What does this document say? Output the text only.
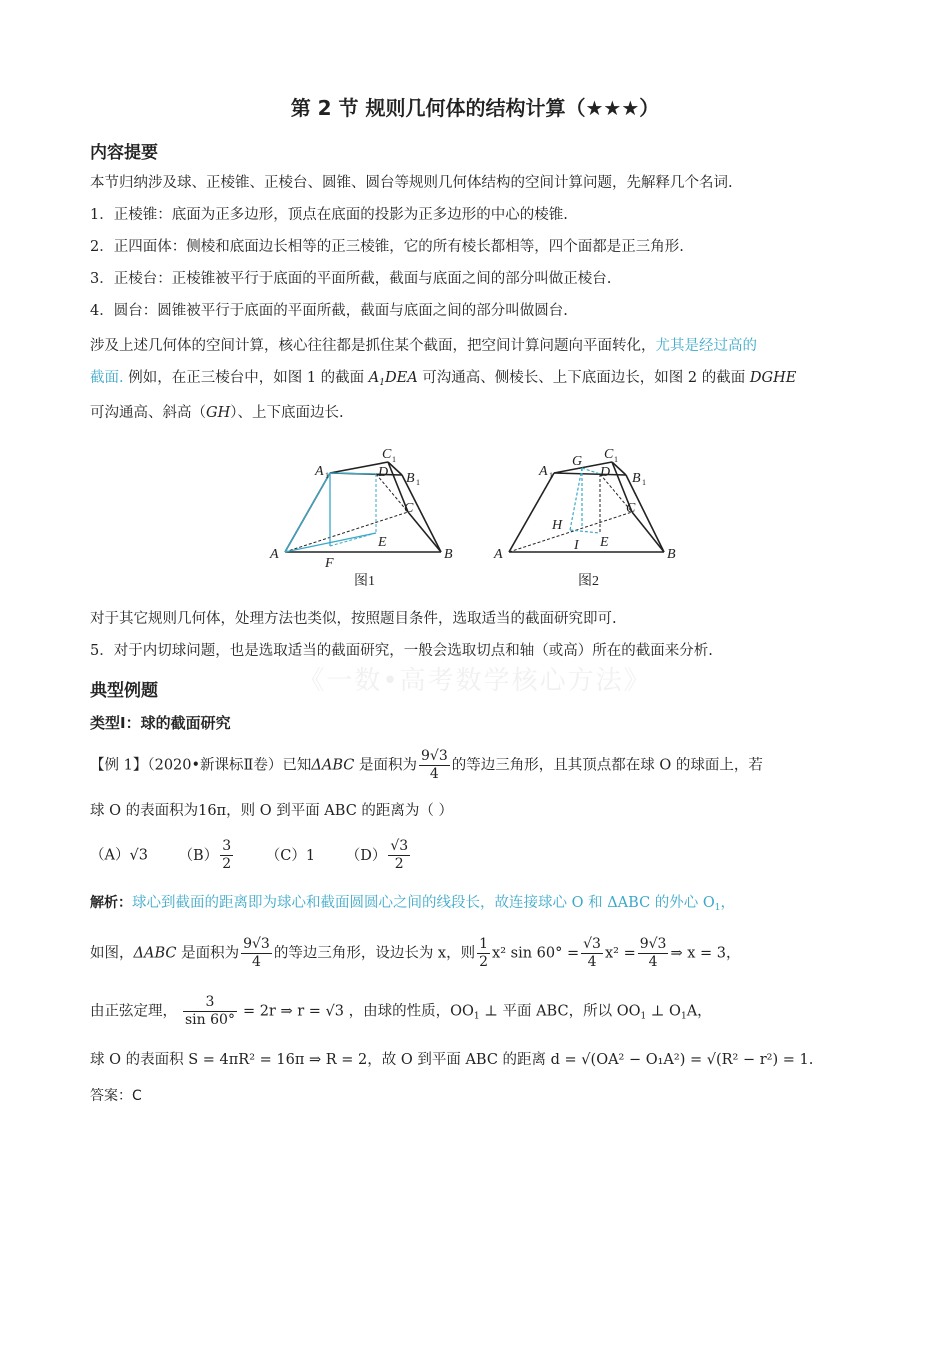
第 2 节 规则几何体的结构计算（★★★）
内容提要
本节归纳涉及球、正棱锥、正棱台、圆锥、圆台等规则几何体结构的空间计算问题，先解释几个名词.
1．正棱锥：底面为正多边形，顶点在底面的投影为正多边形的中心的棱锥.
2．正四面体：侧棱和底面边长相等的正三棱锥，它的所有棱长都相等，四个面都是正三角形.
3．正棱台：正棱锥被平行于底面的平面所截，截面与底面之间的部分叫做正棱台.
4．圆台：圆锥被平行于底面的平面所截，截面与底面之间的部分叫做圆台.
涉及上述几何体的空间计算，核心往往都是抓住某个截面，把空间计算问题向平面转化，尤其是经过高的
截面. 例如，在正三棱台中，如图 1 的截面 $A_1DEA$ 可沟通高、侧棱长、上下底面边长，如图 2 的截面 DGHE
可沟通高、斜高（GH）、上下底面边长.
A	B
C
D
E
F
A
C
B
1
1
1
图1
A	B
C
D
E
G
H
I
A
C
B
1
1
1
图2
对于其它规则几何体，处理方法也类似，按照题目条件，选取适当的截面研究即可.
5．对于内切球问题，也是选取适当的截面研究，一般会选取切点和轴（或高）所在的截面来分析.
《一数•高考数学核心方法》
典型例题
类型Ⅰ：球的截面研究
【例 1】（2020•新课标Ⅱ卷）已知ΔABC 是面积为 $\frac{9√3}{4}$ 的等边三角形，且其顶点都在球 O 的球面上，若
球 O 的表面积为16π，则 O 到平面 ABC 的距离为（ ）
（A）√3 $(B) \frac{3}{2} (C)1$ $(D) \frac{√3}{2}$
解析：球心到截面的距离即为球心和截面圆圆心之间的线段长，故连接球心 O 和 ΔABC 的外心 $O_1$，
如图，ΔABC 是面积为 $\frac{9√3}{4}$ 的等边三角形，设边长为 x，则 $\frac{1}{2} x^2$ $\sin 60^\circ = \frac{√3}{4} x^2 = \frac{9√3}{4}$ ⇒ x = 3，
由正弦定理， $\frac{3}{\sin 60^\circ} = 2r$ ⇒ r = √3 ，由球的性质，$OO_1$ ⊥ 平面 ABC，所以 $OO_1$ ⊥ $O_1A$，
球 O 的表面积 S = 4πR² = 16π ⇒ R = 2，故 O 到平面 ABC 的距离 d = √(OA² − O₁A²) = √(R² − r²) = 1.
答案：C
